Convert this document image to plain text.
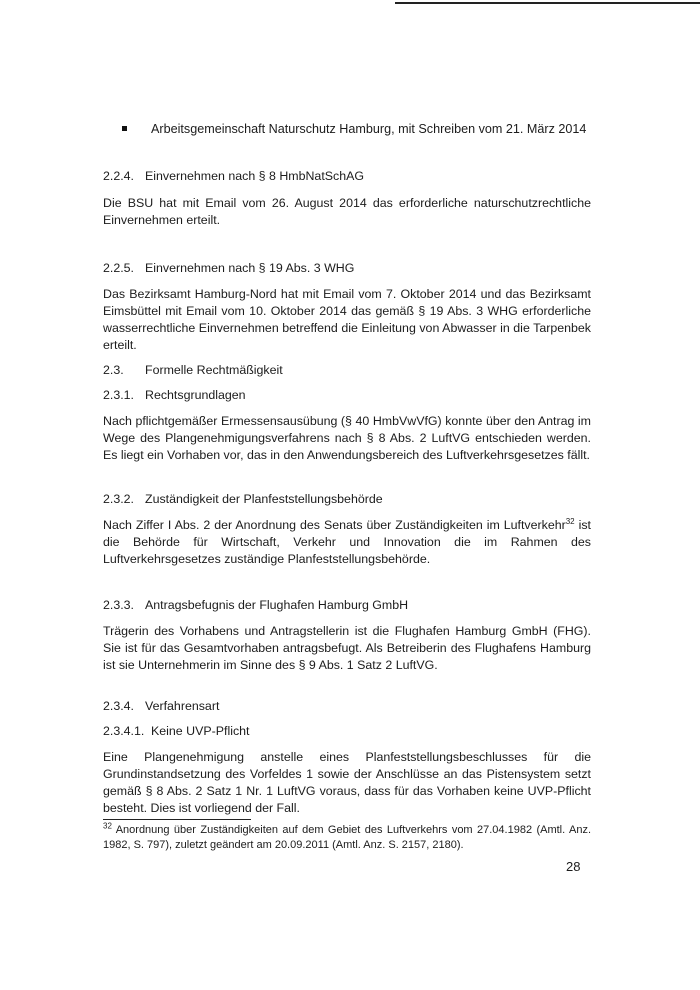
Arbeitsgemeinschaft Naturschutz Hamburg, mit Schreiben vom 21. März 2014
2.2.4. Einvernehmen nach § 8 HmbNatSchAG
Die BSU hat mit Email vom 26. August 2014 das erforderliche naturschutzrechtliche Einvernehmen erteilt.
2.2.5. Einvernehmen nach § 19 Abs. 3 WHG
Das Bezirksamt Hamburg-Nord hat mit Email vom 7. Oktober 2014 und das Bezirksamt Eimsbüttel mit Email vom 10. Oktober 2014 das gemäß § 19 Abs. 3 WHG erforderliche wasserrechtliche Einvernehmen betreffend die Einleitung von Abwasser in die Tarpenbek erteilt.
2.3. Formelle Rechtmäßigkeit
2.3.1. Rechtsgrundlagen
Nach pflichtgemäßer Ermessensausübung (§ 40 HmbVwVfG) konnte über den Antrag im Wege des Plangenehmigungsverfahrens nach § 8 Abs. 2 LuftVG entschieden werden. Es liegt ein Vorhaben vor, das in den Anwendungsbereich des Luftverkehrsgesetzes fällt.
2.3.2. Zuständigkeit der Planfeststellungsbehörde
Nach Ziffer I Abs. 2 der Anordnung des Senats über Zuständigkeiten im Luftverkehr$^{32}$ ist die Behörde für Wirtschaft, Verkehr und Innovation die im Rahmen des Luftverkehrsgesetzes zuständige Planfeststellungsbehörde.
2.3.3. Antragsbefugnis der Flughafen Hamburg GmbH
Trägerin des Vorhabens und Antragstellerin ist die Flughafen Hamburg GmbH (FHG). Sie ist für das Gesamtvorhaben antragsbefugt. Als Betreiberin des Flughafens Hamburg ist sie Unternehmerin im Sinne des § 9 Abs. 1 Satz 2 LuftVG.
2.3.4. Verfahrensart
2.3.4.1. Keine UVP-Pflicht
Eine Plangenehmigung anstelle eines Planfeststellungsbeschlusses für die Grundinstandsetzung des Vorfeldes 1 sowie der Anschlüsse an das Pistensystem setzt gemäß § 8 Abs. 2 Satz 1 Nr. 1 LuftVG voraus, dass für das Vorhaben keine UVP-Pflicht besteht. Dies ist vorliegend der Fall.
$^{32}$ Anordnung über Zuständigkeiten auf dem Gebiet des Luftverkehrs vom 27.04.1982 (Amtl. Anz. 1982, S. 797), zuletzt geändert am 20.09.2011 (Amtl. Anz. S. 2157, 2180).
28
